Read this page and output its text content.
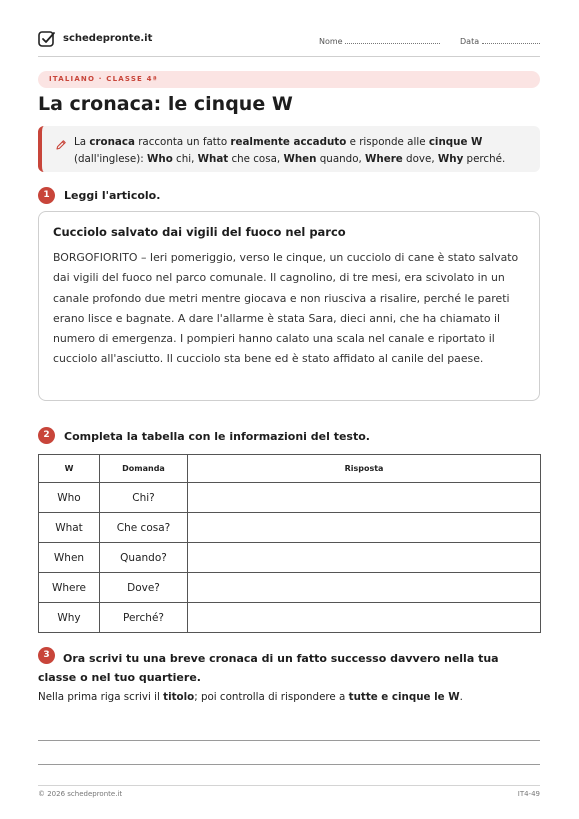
schedepronte.it	Nome	Data
ITALIANO · CLASSE 4ª
La cronaca: le cinque W
La cronaca racconta un fatto realmente accaduto e risponde alle cinque W (dall'inglese): Who chi, What che cosa, When quando, Where dove, Why perché.
1	Leggi l'articolo.
Cucciolo salvato dai vigili del fuoco nel parco
BORGOFIORITO – Ieri pomeriggio, verso le cinque, un cucciolo di cane è stato salvato dai vigili del fuoco nel parco comunale. Il cagnolino, di tre mesi, era scivolato in un canale profondo due metri mentre giocava e non riusciva a risalire, perché le pareti erano lisce e bagnate. A dare l'allarme è stata Sara, dieci anni, che ha chiamato il numero di emergenza. I pompieri hanno calato una scala nel canale e riportato il cucciolo all'asciutto. Il cucciolo sta bene ed è stato affidato al canile del paese.
2	Completa la tabella con le informazioni del testo.
W	Domanda	Risposta
Who	Chi?	
What	Che cosa?	
When	Quando?	
Where	Dove?	
Why	Perché?	
3	Ora scrivi tu una breve cronaca di un fatto successo davvero nella tua classe o nel tuo quartiere.
Nella prima riga scrivi il titolo; poi controlla di rispondere a tutte e cinque le W.
© 2026 schedepronte.it	IT4-49
